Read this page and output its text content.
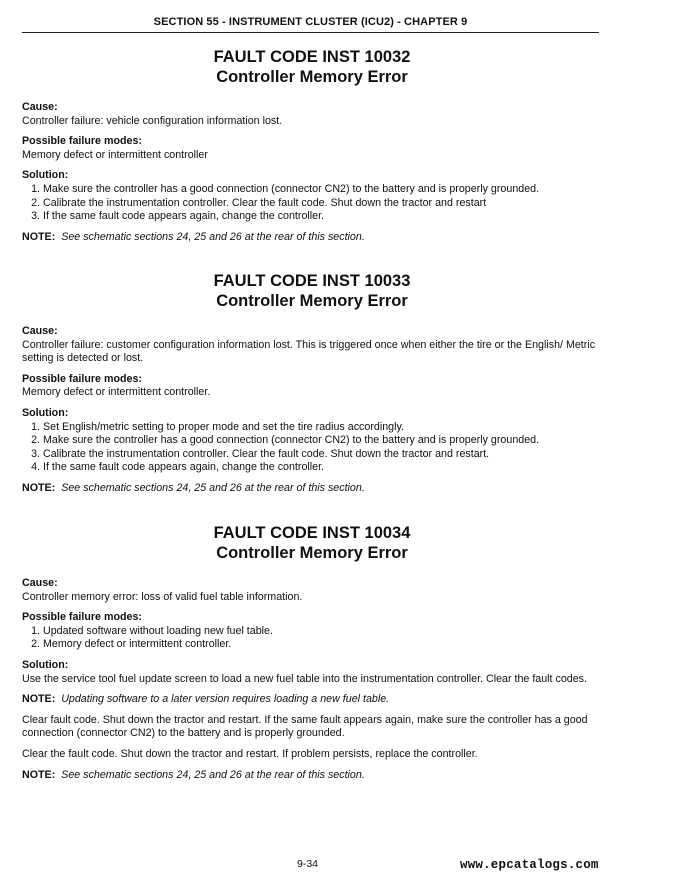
SECTION 55 - INSTRUMENT CLUSTER (ICU2) - CHAPTER 9
FAULT CODE INST 10032
Controller Memory Error
Cause:
Controller failure: vehicle configuration information lost.
Possible failure modes:
Memory defect or intermittent controller
Solution:
1. Make sure the controller has a good connection (connector CN2) to the battery and is properly grounded.
2. Calibrate the instrumentation controller. Clear the fault code. Shut down the tractor and restart
3. If the same fault code appears again, change the controller.
NOTE: See schematic sections 24, 25 and 26 at the rear of this section.
FAULT CODE INST 10033
Controller Memory Error
Cause:
Controller failure: customer configuration information lost. This is triggered once when either the tire or the English/ Metric setting is detected or lost.
Possible failure modes:
Memory defect or intermittent controller.
Solution:
1. Set English/metric setting to proper mode and set the tire radius accordingly.
2. Make sure the controller has a good connection (connector CN2) to the battery and is properly grounded.
3. Calibrate the instrumentation controller. Clear the fault code. Shut down the tractor and restart.
4. If the same fault code appears again, change the controller.
NOTE: See schematic sections 24, 25 and 26 at the rear of this section.
FAULT CODE INST 10034
Controller Memory Error
Cause:
Controller memory error: loss of valid fuel table information.
Possible failure modes:
1. Updated software without loading new fuel table.
2. Memory defect or intermittent controller.
Solution:
Use the service tool fuel update screen to load a new fuel table into the instrumentation controller. Clear the fault codes.
NOTE: Updating software to a later version requires loading a new fuel table.
Clear fault code. Shut down the tractor and restart. If the same fault appears again, make sure the controller has a good connection (connector CN2) to the battery and is properly grounded.
Clear the fault code. Shut down the tractor and restart. If problem persists, replace the controller.
NOTE: See schematic sections 24, 25 and 26 at the rear of this section.
9-34	www.epcatalogs.com
